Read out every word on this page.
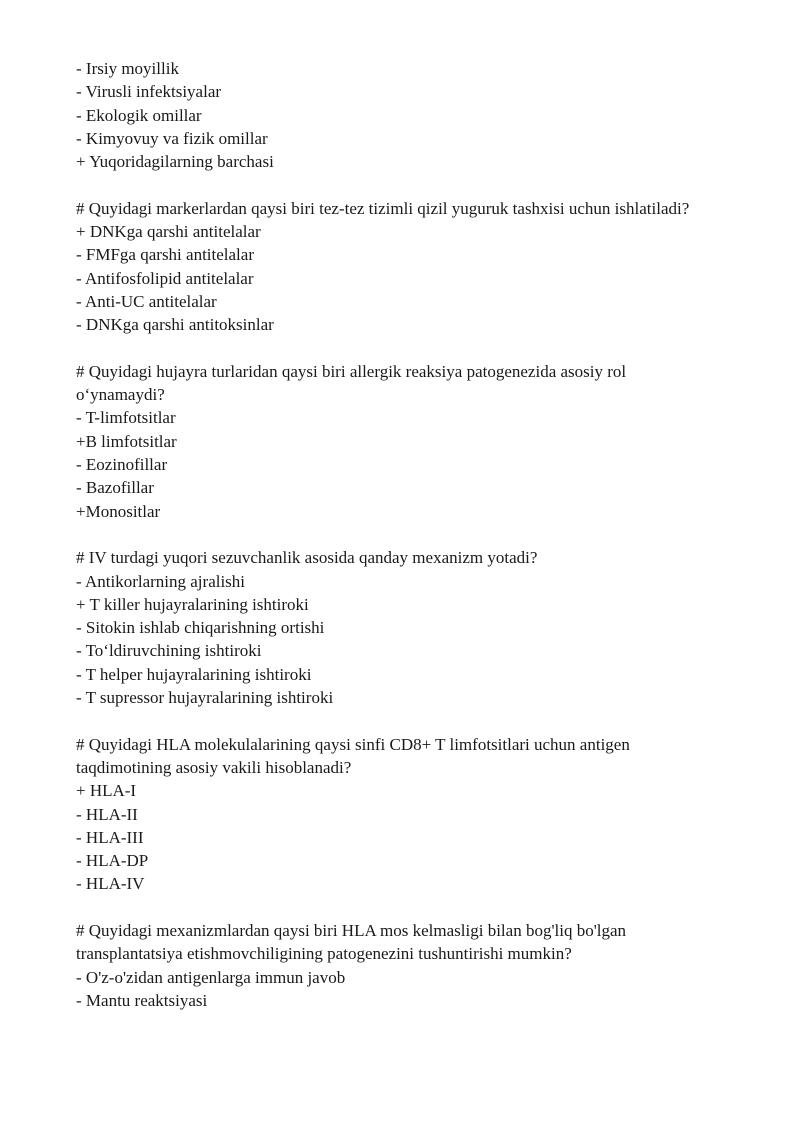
- Irsiy moyillik
- Virusli infektsiyalar
- Ekologik omillar
- Kimyovuy va fizik omillar
+ Yuqoridagilarning barchasi
# Quyidagi markerlardan qaysi biri tez-tez tizimli qizil yuguruk tashxisi uchun ishlatiladi?
+ DNKga qarshi antitelalar
- FMFga qarshi antitelalar
- Antifosfolipid antitelalar
- Anti-UC antitelalar
- DNKga qarshi antitoksinlar
# Quyidagi hujayra turlaridan qaysi biri allergik reaksiya patogenezida asosiy rol o‘ynamaydi?
- T-limfotsitlar
+B limfotsitlar
- Eozinofillar
- Bazofillar
+Monositlar
# IV turdagi yuqori sezuvchanlik asosida qanday mexanizm yotadi?
- Antikorlarning ajralishi
+ T killer hujayralarining ishtiroki
- Sitokin ishlab chiqarishning ortishi
- To‘ldiruvchining ishtiroki
- T helper hujayralarining ishtiroki
- T supressor hujayralarining ishtiroki
# Quyidagi HLA molekulalarining qaysi sinfi CD8+ T limfotsitlari uchun antigen taqdimotining asosiy vakili hisoblanadi?
+ HLA-I
- HLA-II
- HLA-III
- HLA-DP
- HLA-IV
# Quyidagi mexanizmlardan qaysi biri HLA mos kelmasligi bilan bog'liq bo'lgan transplantatsiya etishmovchiligining patogenezini tushuntirishi mumkin?
- O'z-o'zidan antigenlarga immun javob
- Mantu reaktsiyasi
